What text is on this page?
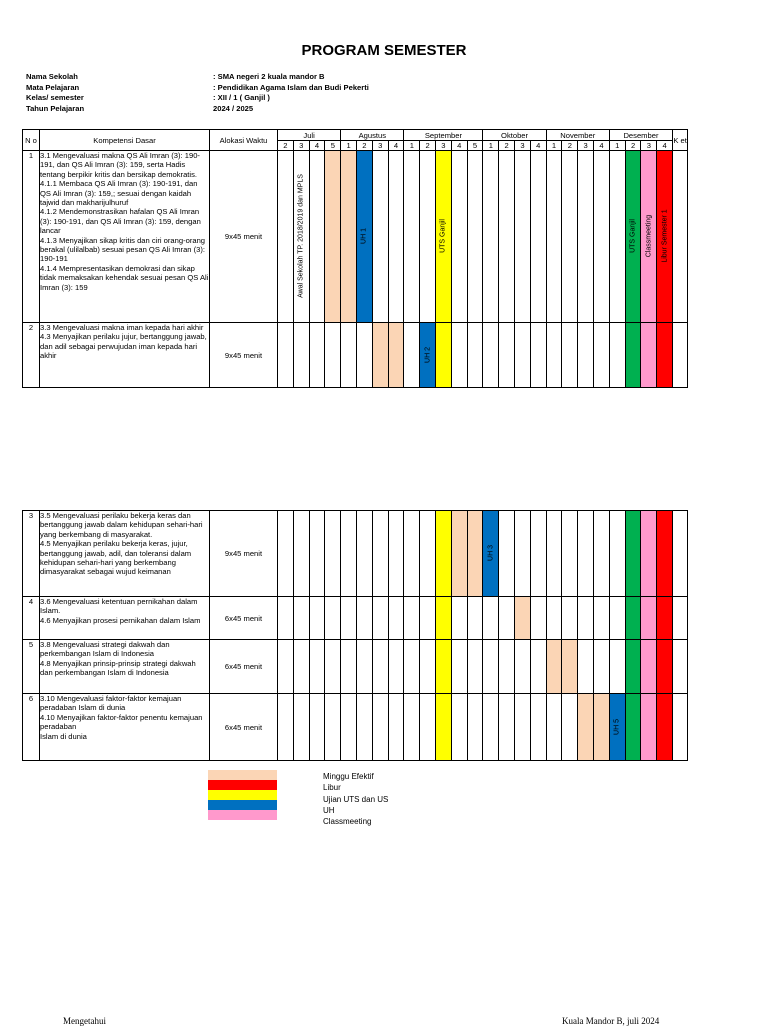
PROGRAM SEMESTER
Nama Sekolah	: SMA negeri 2 kuala mandor B
Mata Pelajaran	: Pendidikan Agama Islam dan Budi Pekerti
Kelas/ semester	: XII / 1 ( Ganjil )
Tahun Pelajaran	2024 / 2025
N o	Kompetensi Dasar	Alokasi Waktu	Juli				Agustus				September					Oktober				November				Desember				K et
			2	3	4	5	1	2	3	4	1	2	3	4	5	1	2	3	4	1	2	3	4	1	2	3	4	
1	3.1 Mengevaluasi makna QS Ali Imran (3): 190-191, dan QS Ali Imran (3): 159, serta Hadis tentang berpikir kritis dan bersikap demokratis.
4.1.1 Membaca QS Ali Imran (3): 190-191, dan QS Ali Imran (3): 159,; sesuai dengan kaidah tajwid dan makharijulhuruf
4.1.2 Mendemonstrasikan hafalan QS Ali Imran (3): 190-191, dan QS Ali Imran (3): 159, dengan lancar
4.1.3 Menyajikan sikap kritis dan ciri orang-orang berakal (ulilalbab) sesuai pesan QS Ali Imran (3): 190-191
4.1.4 Mempresentasikan demokrasi dan sikap tidak memaksakan kehendak sesuai pesan QS Ali Imran (3): 159	9x45 menit		Awal Sekolah TP. 2018/2019 dan MPLS				UH 1					UTS Ganjil												UTS Ganjil	Classmeeting	Libur Semester 1	

2	3.3 Mengevaluasi makna iman kepada hari akhir
4.3 Menyajikan perilaku jujur, bertanggung jawab, dan adil sebagai perwujudan iman kepada hari akhir	9x45 menit										UH 2																

3	3.5 Mengevaluasi perilaku bekerja keras dan bertanggung jawab dalam kehidupan sehari-hari yang berkembang di masyarakat.
4.5 Menyajikan perilaku bekerja keras, jujur, bertanggung jawab, adil, dan toleransi dalam kehidupan sehari-hari yang berkembang dimasyarakat sebagai wujud keimanan	9x45 menit														UH 3												

4	3.6 Mengevaluasi ketentuan pernikahan dalam Islam.
4.6 Menyajikan prosesi pernikahan dalam Islam	6x45 menit																										
5	3.8 Mengevaluasi strategi dakwah dan perkembangan Islam di Indonesia
4.8 Menyajikan prinsip-prinsip strategi dakwah dan perkembangan Islam di Indonesia	6x45 menit																										
6	3.10 Mengevaluasi faktor-faktor kemajuan peradaban Islam di dunia
4.10 Menyajikan faktor-faktor penentu kemajuan peradaban
Islam di dunia	6x45 menit																						UH 5				

Minggu Efektif
Libur
Ujian UTS dan US
UH
Classmeeting
Mengetahui	Kuala Mandor B, juli 2024
